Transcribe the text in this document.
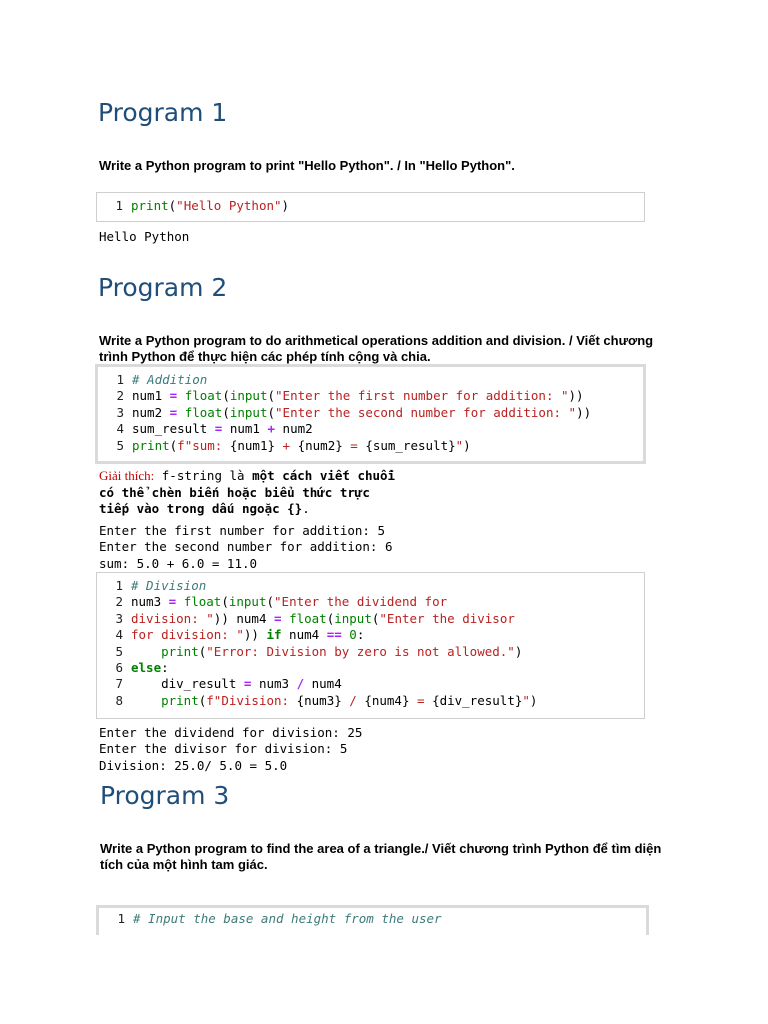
Program 1
Write a Python program to print "Hello Python". / In "Hello Python".
1 print("Hello Python")
Hello Python
Program 2
Write a Python program to do arithmetical operations addition and division. / Viết chương
trình Python để thực hiện các phép tính cộng và chia.
1 # Addition
2 num1 = float(input("Enter the first number for addition: "))
3 num2 = float(input("Enter the second number for addition: "))
4 sum_result = num1 + num2
5 print(f"sum: {num1} + {num2} = {sum_result}")
Giải thích: f-string là một cách viết chuỗi
có thể chèn biến hoặc biểu thức trực
tiếp vào trong dấu ngoặc {}.
Enter the first number for addition: 5
Enter the second number for addition: 6
sum: 5.0 + 6.0 = 11.0
1 # Division
2 num3 = float(input("Enter the dividend for
3 division: ")) num4 = float(input("Enter the divisor
4 for division: ")) if num4 == 0:
5	print("Error: Division by zero is not allowed.")
6 else:
7    div_result = num3 / num4
8	print(f"Division: {num3} / {num4} = {div_result}")
Enter the dividend for division: 25
Enter the divisor for division: 5
Division: 25.0/ 5.0 = 5.0
Program 3
Write a Python program to find the area of a triangle./ Viết chương trình Python để tìm diện
tích của một hình tam giác.
1 # Input the base and height from the user
